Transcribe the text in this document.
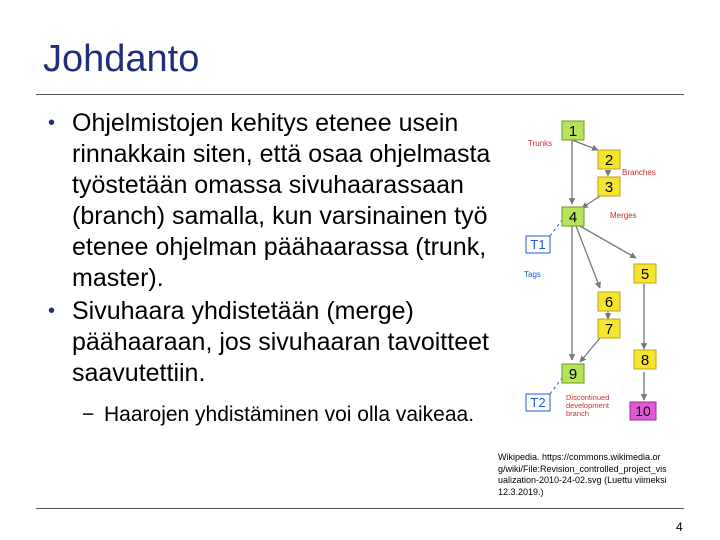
Johdanto
• Ohjelmistojen kehitys etenee usein rinnakkain siten, että osaa ohjelmasta työstetään omassa sivuhaarassaan (branch) samalla, kun varsinainen työ etenee ohjelman päähaarassa (trunk, master).
• Sivuhaara yhdistetään (merge) päähaaraan, jos sivuhaaran tavoitteet saavutettiin.
− Haarojen yhdistäminen voi olla vaikeaa.
1
2
3
4
5
6
7
8
9
10
Trunks
Branches
Merges
Tags
T1
T2	Discontinued development branch
Wikipedia. https://commons.wikimedia.org/wiki/File:Revision_controlled_project_visualization-2010-24-02.svg (Luettu viimeksi 12.3.2019.)
4
